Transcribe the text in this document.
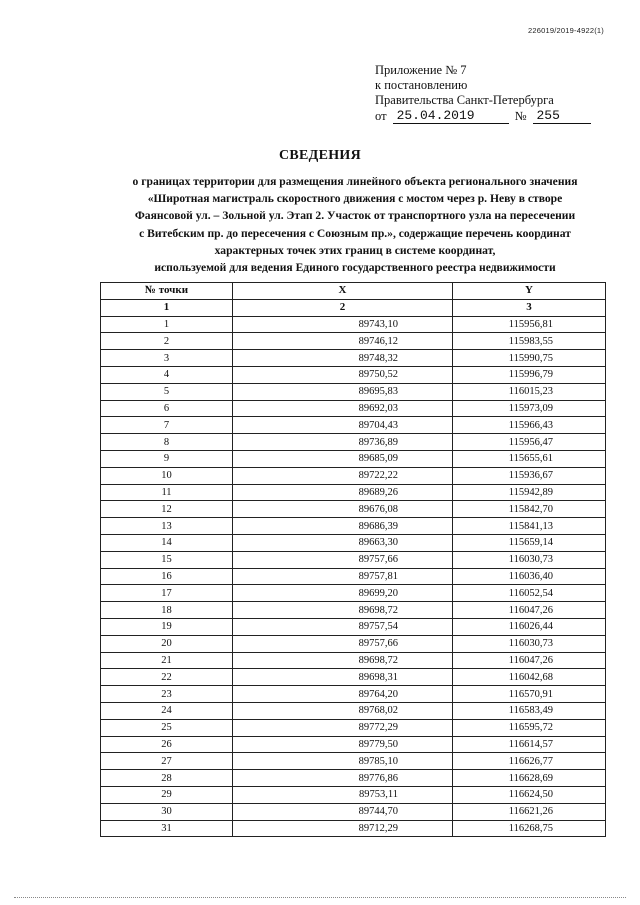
226019/2019-4922(1)
Приложение № 7
к постановлению
Правительства Санкт-Петербурга
от 25.04.2019	№ 255
СВЕДЕНИЯ
о границах территории для размещения линейного объекта регионального значения
«Широтная магистраль скоростного движения с мостом через р. Неву в створе
Фаянсовой ул. – Зольной ул. Этап 2. Участок от транспортного узла на пересечении
с Витебским пр. до пересечения с Союзным пр.», содержащие перечень координат
характерных точек этих границ в системе координат,
используемой для ведения Единого государственного реестра недвижимости
№ точки	X	Y
1	2	3
1	89743,10	115956,81
2	89746,12	115983,55
3	89748,32	115990,75
4	89750,52	115996,79
5	89695,83	116015,23
6	89692,03	115973,09
7	89704,43	115966,43
8	89736,89	115956,47
9	89685,09	115655,61
10	89722,22	115936,67
11	89689,26	115942,89
12	89676,08	115842,70
13	89686,39	115841,13
14	89663,30	115659,14
15	89757,66	116030,73
16	89757,81	116036,40
17	89699,20	116052,54
18	89698,72	116047,26
19	89757,54	116026,44
20	89757,66	116030,73
21	89698,72	116047,26
22	89698,31	116042,68
23	89764,20	116570,91
24	89768,02	116583,49
25	89772,29	116595,72
26	89779,50	116614,57
27	89785,10	116626,77
28	89776,86	116628,69
29	89753,11	116624,50
30	89744,70	116621,26
31	89712,29	116268,75
